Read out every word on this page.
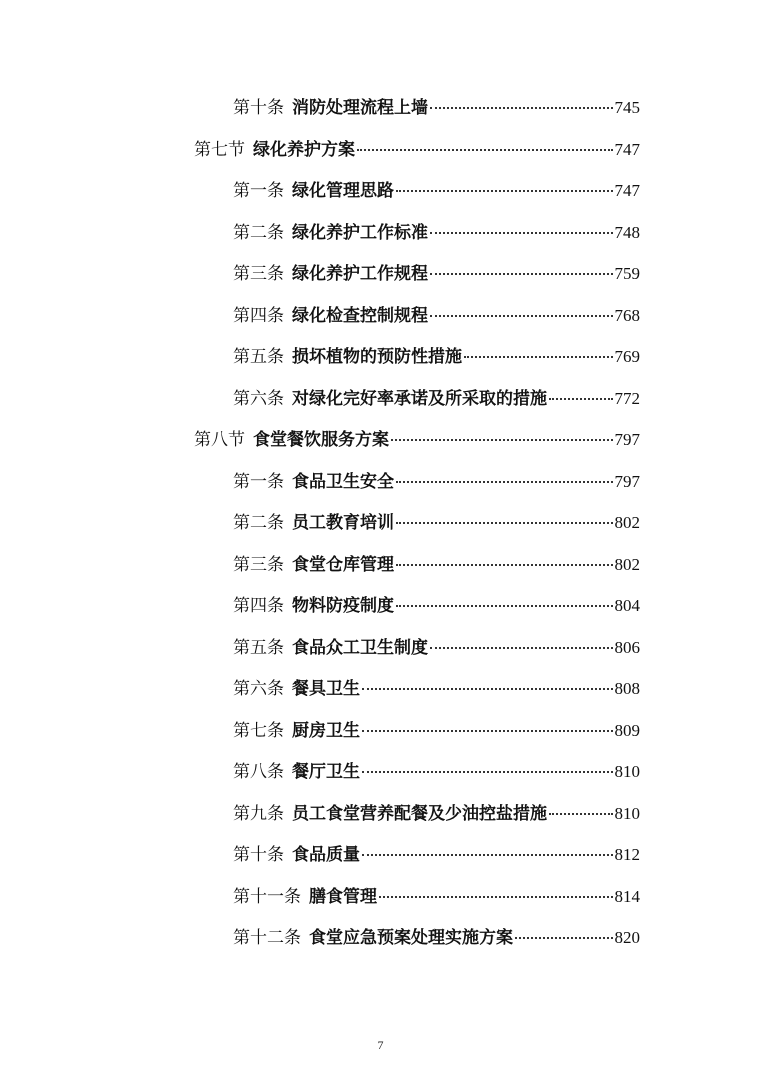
第十条 消防处理流程上墙	745
第七节 绿化养护方案	747
第一条 绿化管理思路	747
第二条 绿化养护工作标准	748
第三条 绿化养护工作规程	759
第四条 绿化检查控制规程	768
第五条 损坏植物的预防性措施	769
第六条 对绿化完好率承诺及所采取的措施	772
第八节 食堂餐饮服务方案	797
第一条 食品卫生安全	797
第二条 员工教育培训	802
第三条 食堂仓库管理	802
第四条 物料防疫制度	804
第五条 食品众工卫生制度	806
第六条 餐具卫生	808
第七条 厨房卫生	809
第八条 餐厅卫生	810
第九条 员工食堂营养配餐及少油控盐措施	810
第十条 食品质量	812
第十一条 膳食管理	814
第十二条 食堂应急预案处理实施方案	820
7
